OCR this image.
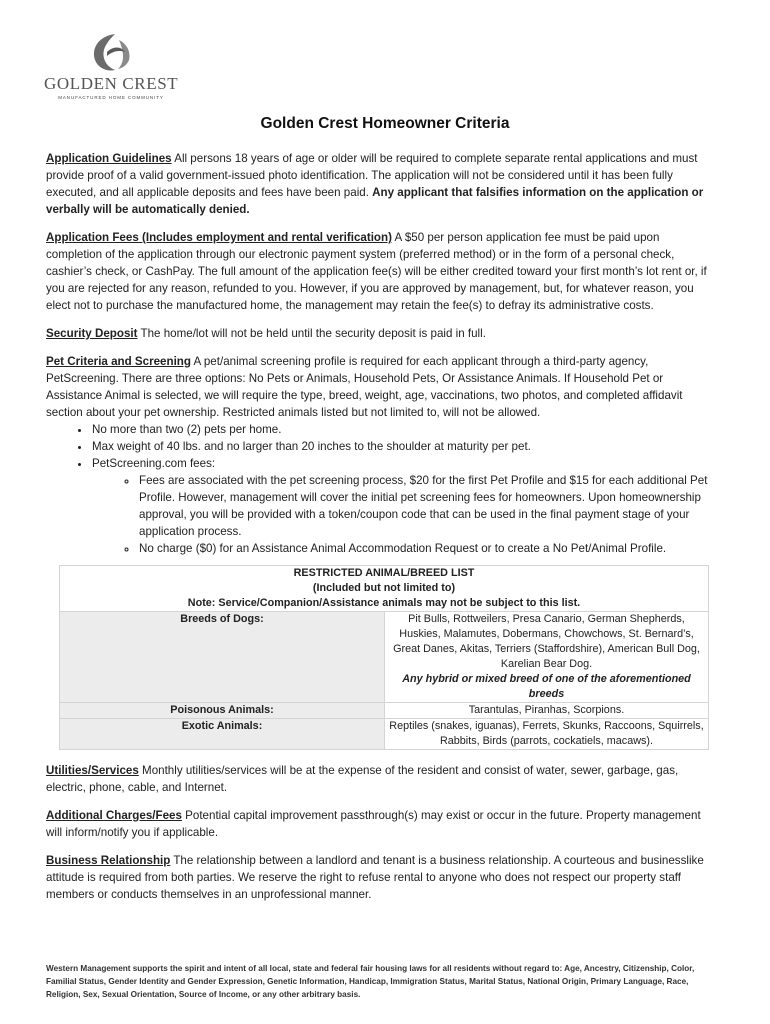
GOLDEN CREST
MANUFACTURED HOME COMMUNITY
Golden Crest Homeowner Criteria

Application Guidelines All persons 18 years of age or older will be required to complete separate rental applications and must provide proof of a valid government-issued photo identification. The application will not be considered until it has been fully executed, and all applicable deposits and fees have been paid. Any applicant that falsifies information on the application or verbally will be automatically denied.

Application Fees (Includes employment and rental verification) A $50 per person application fee must be paid upon completion of the application through our electronic payment system (preferred method) or in the form of a personal check, cashier’s check, or CashPay. The full amount of the application fee(s) will be either credited toward your first month’s lot rent or, if you are rejected for any reason, refunded to you. However, if you are approved by management, but, for whatever reason, you elect not to purchase the manufactured home, the management may retain the fee(s) to defray its administrative costs.

Security Deposit The home/lot will not be held until the security deposit is paid in full.

Pet Criteria and Screening A pet/animal screening profile is required for each applicant through a third-party agency, PetScreening. There are three options: No Pets or Animals, Household Pets, Or Assistance Animals. If Household Pet or Assistance Animal is selected, we will require the type, breed, weight, age, vaccinations, two photos, and completed affidavit section about your pet ownership. Restricted animals listed but not limited to, will not be allowed.
• No more than two (2) pets per home.
• Max weight of 40 lbs. and no larger than 20 inches to the shoulder at maturity per pet.
• PetScreening.com fees:
◦ Fees are associated with the pet screening process, $20 for the first Pet Profile and $15 for each additional Pet Profile. However, management will cover the initial pet screening fees for homeowners. Upon homeownership approval, you will be provided with a token/coupon code that can be used in the final payment stage of your application process.
◦ No charge ($0) for an Assistance Animal Accommodation Request or to create a No Pet/Animal Profile.
RESTRICTED ANIMAL/BREED LIST
(Included but not limited to)
Note: Service/Companion/Assistance animals may not be subject to this list.	

Breeds of Dogs:	Pit Bulls, Rottweilers, Presa Canario, German Shepherds, Huskies, Malamutes, Dobermans, Chowchows, St. Bernard’s, Great Danes, Akitas, Terriers (Staffordshire), American Bull Dog, Karelian Bear Dog.
Any hybrid or mixed breed of one of the aforementioned breeds

Poisonous Animals:	Tarantulas, Piranhas, Scorpions.
Exotic Animals:	Reptiles (snakes, iguanas), Ferrets, Skunks, Raccoons, Squirrels, Rabbits, Birds (parrots, cockatiels, macaws).

Utilities/Services Monthly utilities/services will be at the expense of the resident and consist of water, sewer, garbage, gas, electric, phone, cable, and Internet.

Additional Charges/Fees Potential capital improvement passthrough(s) may exist or occur in the future. Property management will inform/notify you if applicable.

Business Relationship The relationship between a landlord and tenant is a business relationship. A courteous and businesslike attitude is required from both parties. We reserve the right to refuse rental to anyone who does not respect our property staff members or conducts themselves in an unprofessional manner.

Western Management supports the spirit and intent of all local, state and federal fair housing laws for all residents without regard to: Age, Ancestry, Citizenship, Color, Familial Status, Gender Identity and Gender Expression, Genetic Information, Handicap, Immigration Status, Marital Status, National Origin, Primary Language, Race, Religion, Sex, Sexual Orientation, Source of Income, or any other arbitrary basis.
